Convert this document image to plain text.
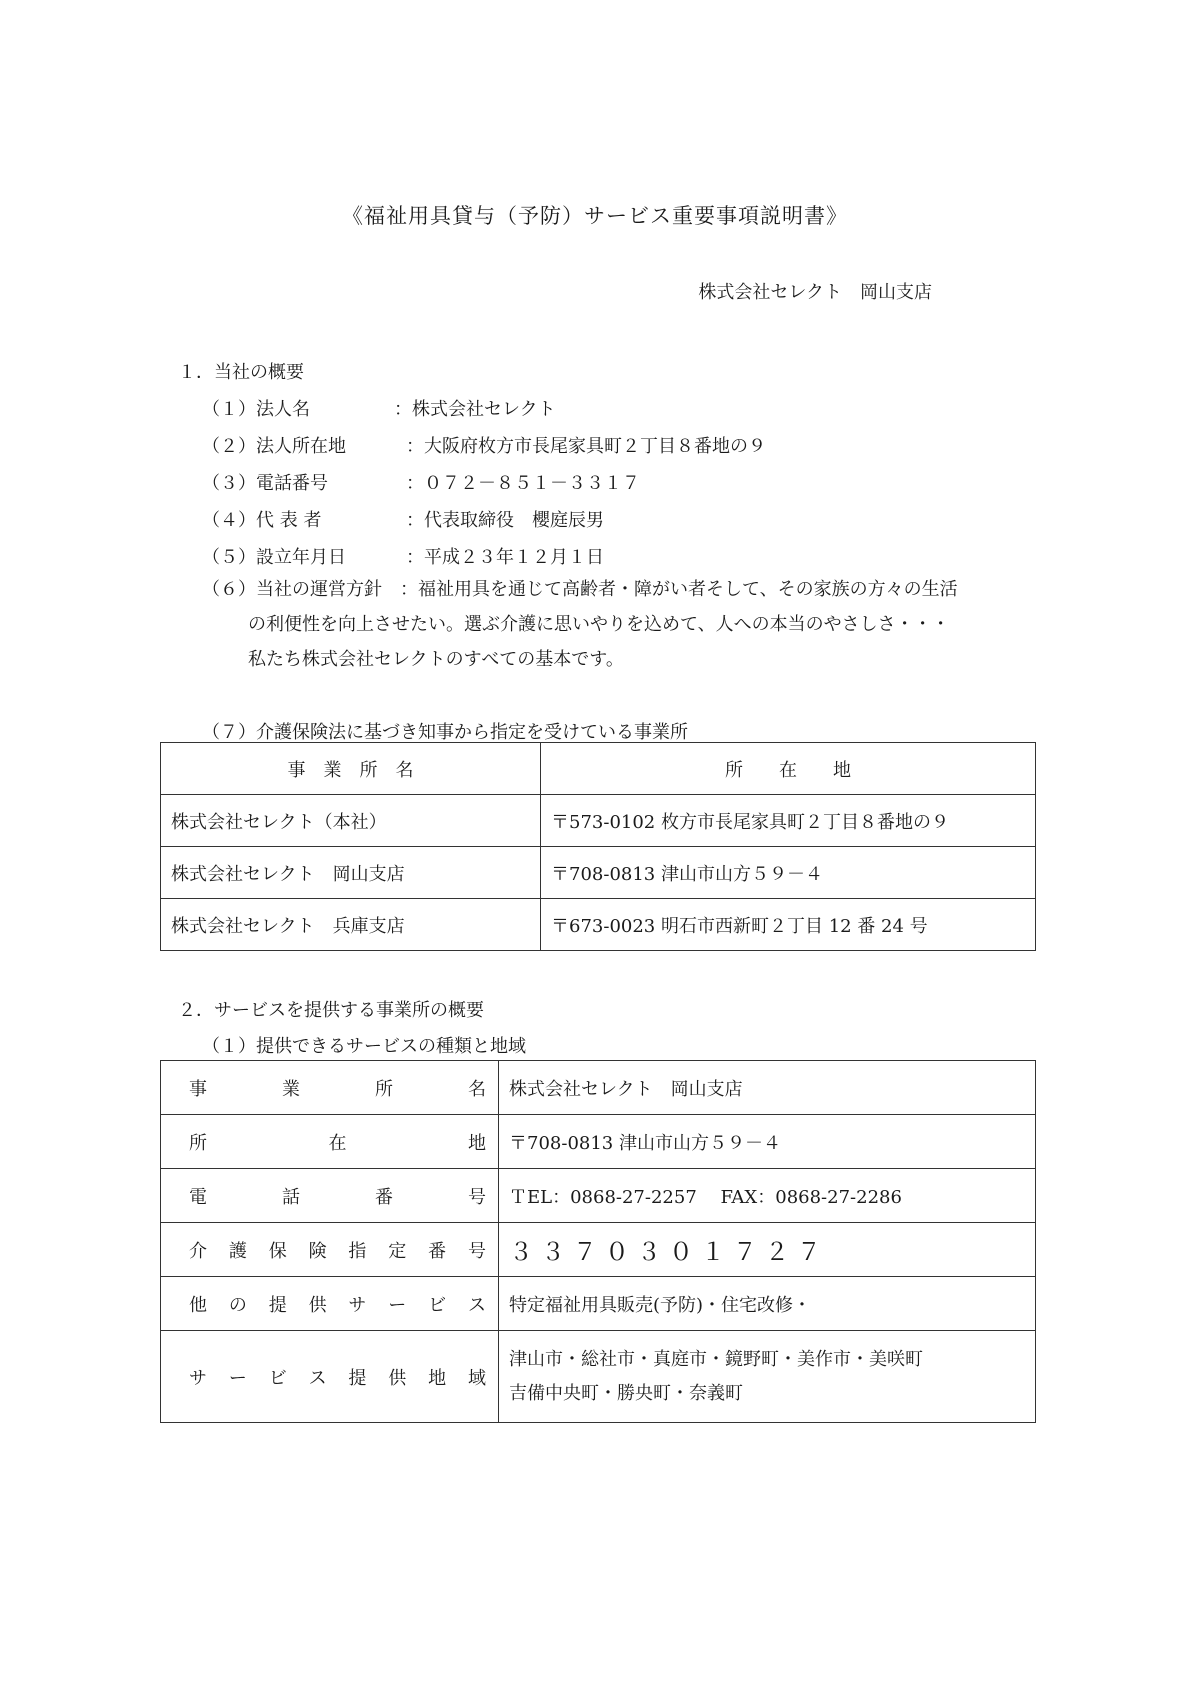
《福祉用具貸与（予防）サービス重要事項説明書》
株式会社セレクト　岡山支店
１．当社の概要
（１）法人名	：株式会社セレクト
（２）法人所在地	：大阪府枚方市長尾家具町２丁目８番地の９
（３）電話番号	：０７２－８５１－３３１７
（４）代 表 者	：代表取締役　櫻庭辰男
（５）設立年月日	：平成２３年１２月１日
（６）当社の運営方針 ：福祉用具を通じて高齢者・障がい者そして、その家族の方々の生活
の利便性を向上させたい。選ぶ介護に思いやりを込めて、人への本当のやさしさ・・・
私たち株式会社セレクトのすべての基本です。
（７）介護保険法に基づき知事から指定を受けている事業所
事　業　所　名	所　　在　　地
株式会社セレクト（本社）	〒573-0102 枚方市長尾家具町２丁目８番地の９
株式会社セレクト　岡山支店	〒708-0813 津山市山方５９－４
株式会社セレクト　兵庫支店	〒673-0023 明石市西新町２丁目 12 番 24 号
２．サービスを提供する事業所の概要
（１）提供できるサービスの種類と地域
事業所名	株式会社セレクト　岡山支店
所在地	〒708-0813 津山市山方５９－４
電話番号	ＴEL：0868-27-2257　 FAX：0868-27-2286
介護保険指定番号	３３７０３０１７２７
他の提供サービス	特定福祉用具販売(予防)・住宅改修・
サービス提供地域	津山市・総社市・真庭市・鏡野町・美作市・美咲町
吉備中央町・勝央町・奈義町
